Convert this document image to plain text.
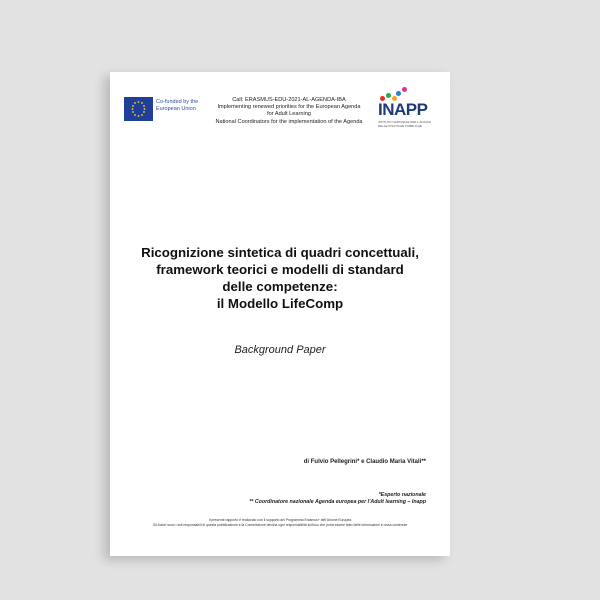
Co-funded by the European Union
Call: ERASMUS-EDU-2021-AL-AGENDA-IBA
Implementing renewed priorities for the European Agenda
for Adult Learning
National Coordinators for the implementation of the Agenda
INAPP
ISTITUTO NAZIONALE PER L'ANALISI DELLE POLITICHE PUBBLICHE
Ricognizione sintetica di quadri concettuali,
framework teorici e modelli di standard
delle competenze:
il Modello LifeComp
Background Paper
di Fulvio Pellegrini* e Claudio Maria Vitali**
*Esperto nazionale
** Coordinatore nazionale Agenda europea per l'Adult learning – Inapp
Il presente rapporto è realizzato con il supporto del Programma Erasmus+ dell'Unione Europea
Gli Autori sono i soli responsabili di questa pubblicazione e la Commissione declina ogni responsabilità sull'uso che potrà essere fatto delle informazioni in essa contenute
